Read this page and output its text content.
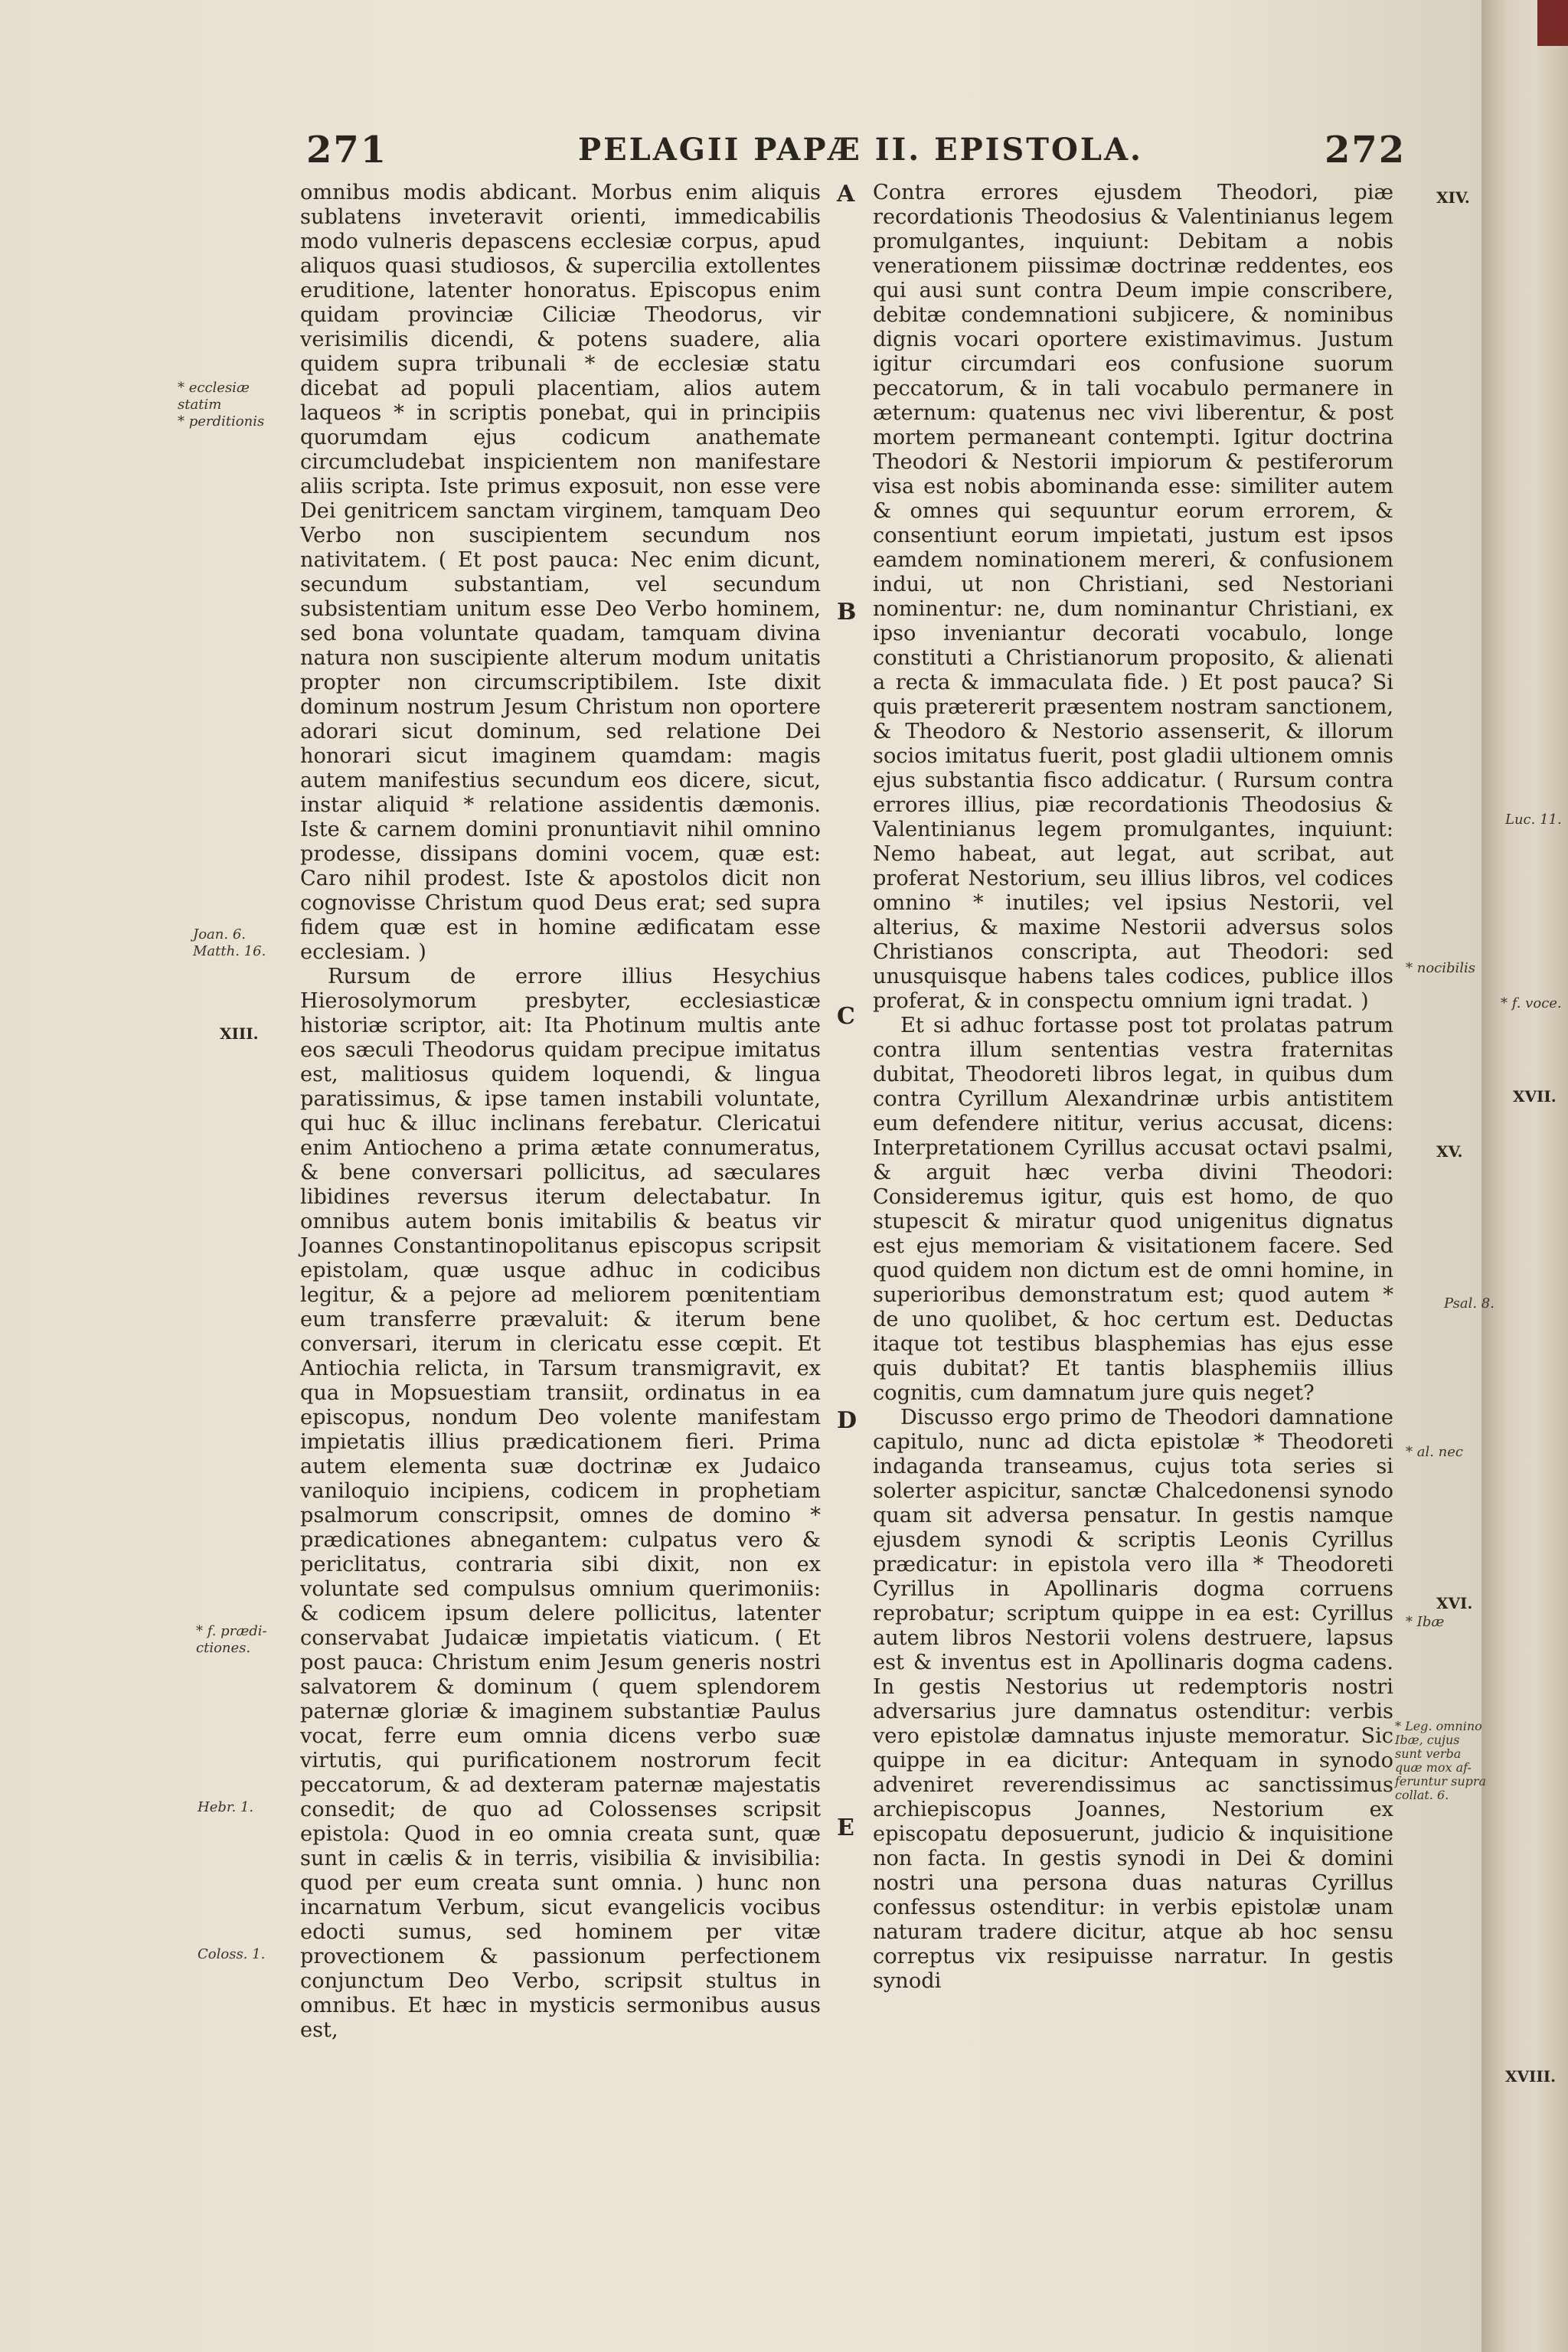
271	PELAGII PAPÆ II. EPISTOLA.	272

omnibus modis abdicant. Morbus enim aliquis sublatens inveteravit orienti, immedicabilis modo vulneris depascens ecclesiæ corpus, apud aliquos quasi studiosos, & supercilia extollentes eruditione, latenter honoratus. Episcopus enim quidam provinciæ Ciliciæ Theodorus, vir verisimilis dicendi, & potens suadere, alia quidem supra tribunali * de ecclesiæ statu dicebat ad populi placentiam, alios autem laqueos * in scriptis ponebat, qui in principiis quorumdam ejus codicum anathemate circumcludebat inspicientem non manifestare aliis scripta. Iste primus exposuit, non esse vere Dei genitricem sanctam virginem, tamquam Deo Verbo non suscipientem secundum nos nativitatem. ( Et post pauca: Nec enim dicunt, secundum substantiam, vel secundum subsistentiam unitum esse Deo Verbo hominem, sed bona voluntate quadam, tamquam divina natura non suscipiente alterum modum unitatis propter non circumscriptibilem. Iste dixit dominum nostrum Jesum Christum non oportere adorari sicut dominum, sed relatione Dei honorari sicut imaginem quamdam: magis autem manifestius secundum eos dicere, sicut, instar aliquid * relatione assidentis dæmonis. Iste & carnem domini pronuntiavit nihil omnino prodesse, dissipans domini vocem, quæ est: Caro nihil prodest. Iste & apostolos dicit non cognovisse Christum quod Deus erat; sed supra fidem quæ est in homine ædificatam esse ecclesiam. )

Rursum de errore illius Hesychius Hierosolymorum presbyter, ecclesiasticæ historiæ scriptor, ait: Ita Photinum multis ante eos sæculi Theodorus quidam precipue imitatus est, malitiosus quidem loquendi, & lingua paratissimus, & ipse tamen instabili voluntate, qui huc & illuc inclinans ferebatur. Clericatui enim Antiocheno a prima ætate connumeratus, & bene conversari pollicitus, ad sæculares libidines reversus iterum delectabatur. In omnibus autem bonis imitabilis & beatus vir Joannes Constantinopolitanus episcopus scripsit epistolam, quæ usque adhuc in codicibus legitur, & a pejore ad meliorem pœnitentiam eum transferre prævaluit: & iterum bene conversari, iterum in clericatu esse cœpit. Et Antiochia relicta, in Tarsum transmigravit, ex qua in Mopsuestiam transiit, ordinatus in ea episcopus, nondum Deo volente manifestam impietatis illius prædicationem fieri. Prima autem elementa suæ doctrinæ ex Judaico vaniloquio incipiens, codicem in prophetiam psalmorum conscripsit, omnes de domino * prædicationes abnegantem: culpatus vero & periclitatus, contraria sibi dixit, non ex voluntate sed compulsus omnium querimoniis: & codicem ipsum delere pollicitus, latenter conservabat Judaicæ impietatis viaticum. ( Et post pauca: Christum enim Jesum generis nostri salvatorem & dominum ( quem splendorem paternæ gloriæ & imaginem substantiæ Paulus vocat, ferre eum omnia dicens verbo suæ virtutis, qui purificationem nostrorum fecit peccatorum, & ad dexteram paternæ majestatis consedit; de quo ad Colossenses scripsit epistola: Quod in eo omnia creata sunt, quæ sunt in cælis & in terris, visibilia & invisibilia: quod per eum creata sunt omnia. ) hunc non incarnatum Verbum, sicut evangelicis vocibus edocti sumus, sed hominem per vitæ provectionem & passionum perfectionem conjunctum Deo Verbo, scripsit stultus in omnibus. Et hæc in mysticis sermonibus ausus est,

Contra errores ejusdem Theodori, piæ recordationis Theodosius & Valentinianus legem promulgantes, inquiunt: Debitam a nobis venerationem piissimæ doctrinæ reddentes, eos qui ausi sunt contra Deum impie conscribere, debitæ condemnationi subjicere, & nominibus dignis vocari oportere existimavimus. Justum igitur circumdari eos confusione suorum peccatorum, & in tali vocabulo permanere in æternum: quatenus nec vivi liberentur, & post mortem permaneant contempti. Igitur doctrina Theodori & Nestorii impiorum & pestiferorum visa est nobis abominanda esse: similiter autem & omnes qui sequuntur eorum errorem, & consentiunt eorum impietati, justum est ipsos eamdem nominationem mereri, & confusionem indui, ut non Christiani, sed Nestoriani nominentur: ne, dum nominantur Christiani, ex ipso inveniantur decorati vocabulo, longe constituti a Christianorum proposito, & alienati a recta & immaculata fide. ) Et post pauca? Si quis prætererit præsentem nostram sanctionem, & Theodoro & Nestorio assenserit, & illorum socios imitatus fuerit, post gladii ultionem omnis ejus substantia fisco addicatur. ( Rursum contra errores illius, piæ recordationis Theodosius & Valentinianus legem promulgantes, inquiunt: Nemo habeat, aut legat, aut scribat, aut proferat Nestorium, seu illius libros, vel codices omnino * inutiles; vel ipsius Nestorii, vel alterius, & maxime Nestorii adversus solos Christianos conscripta, aut Theodori: sed unusquisque habens tales codices, publice illos proferat, & in conspectu omnium igni tradat. )

Et si adhuc fortasse post tot prolatas patrum contra illum sententias vestra fraternitas dubitat, Theodoreti libros legat, in quibus dum contra Cyrillum Alexandrinæ urbis antistitem eum defendere nititur, verius accusat, dicens: Interpretationem Cyrillus accusat octavi psalmi, & arguit hæc verba divini Theodori: Consideremus igitur, quis est homo, de quo stupescit & miratur quod unigenitus dignatus est ejus memoriam & visitationem facere. Sed quod quidem non dictum est de omni homine, in superioribus demonstratum est; quod autem * de uno quolibet, & hoc certum est. Deductas itaque tot testibus blasphemias has ejus esse quis dubitat? Et tantis blasphemiis illius cognitis, cum damnatum jure quis neget?

Discusso ergo primo de Theodori damnatione capitulo, nunc ad dicta epistolæ * Theodoreti indaganda transeamus, cujus tota series si solerter aspicitur, sanctæ Chalcedonensi synodo quam sit adversa pensatur. In gestis namque ejusdem synodi & scriptis Leonis Cyrillus prædicatur: in epistola vero illa * Theodoreti Cyrillus in Apollinaris dogma corruens reprobatur; scriptum quippe in ea est: Cyrillus autem libros Nestorii volens destruere, lapsus est & inventus est in Apollinaris dogma cadens. In gestis Nestorius ut redemptoris nostri adversarius jure damnatus ostenditur: verbis vero epistolæ damnatus injuste memoratur. Sic quippe in ea dicitur: Antequam in synodo adveniret reverendissimus ac sanctissimus archiepiscopus Joannes, Nestorium ex episcopatu deposuerunt, judicio & inquisitione non facta. In gestis synodi in Dei & domini nostri una persona duas naturas Cyrillus confessus ostenditur: in verbis epistolæ unam naturam tradere dicitur, atque ab hoc sensu correptus vix resipuisse narratur. In gestis synodi

A
B
C
D
E
* ecclesiæ
statim
* perditionis
Joan. 6.
Matth. 16.
XIII.
* f. prædi-
ctiones.
Hebr. 1.
Coloss. 1.
XIV.
Luc. 11.
* nocibilis
* f. voce.
XVII.
XV.
Psal. 8.
* al. nec
XVI.
* Ibæ
* Leg. omnino
Ibæ, cujus
sunt verba
quæ mox af-
feruntur supra
collat. 6.
XVIII.
